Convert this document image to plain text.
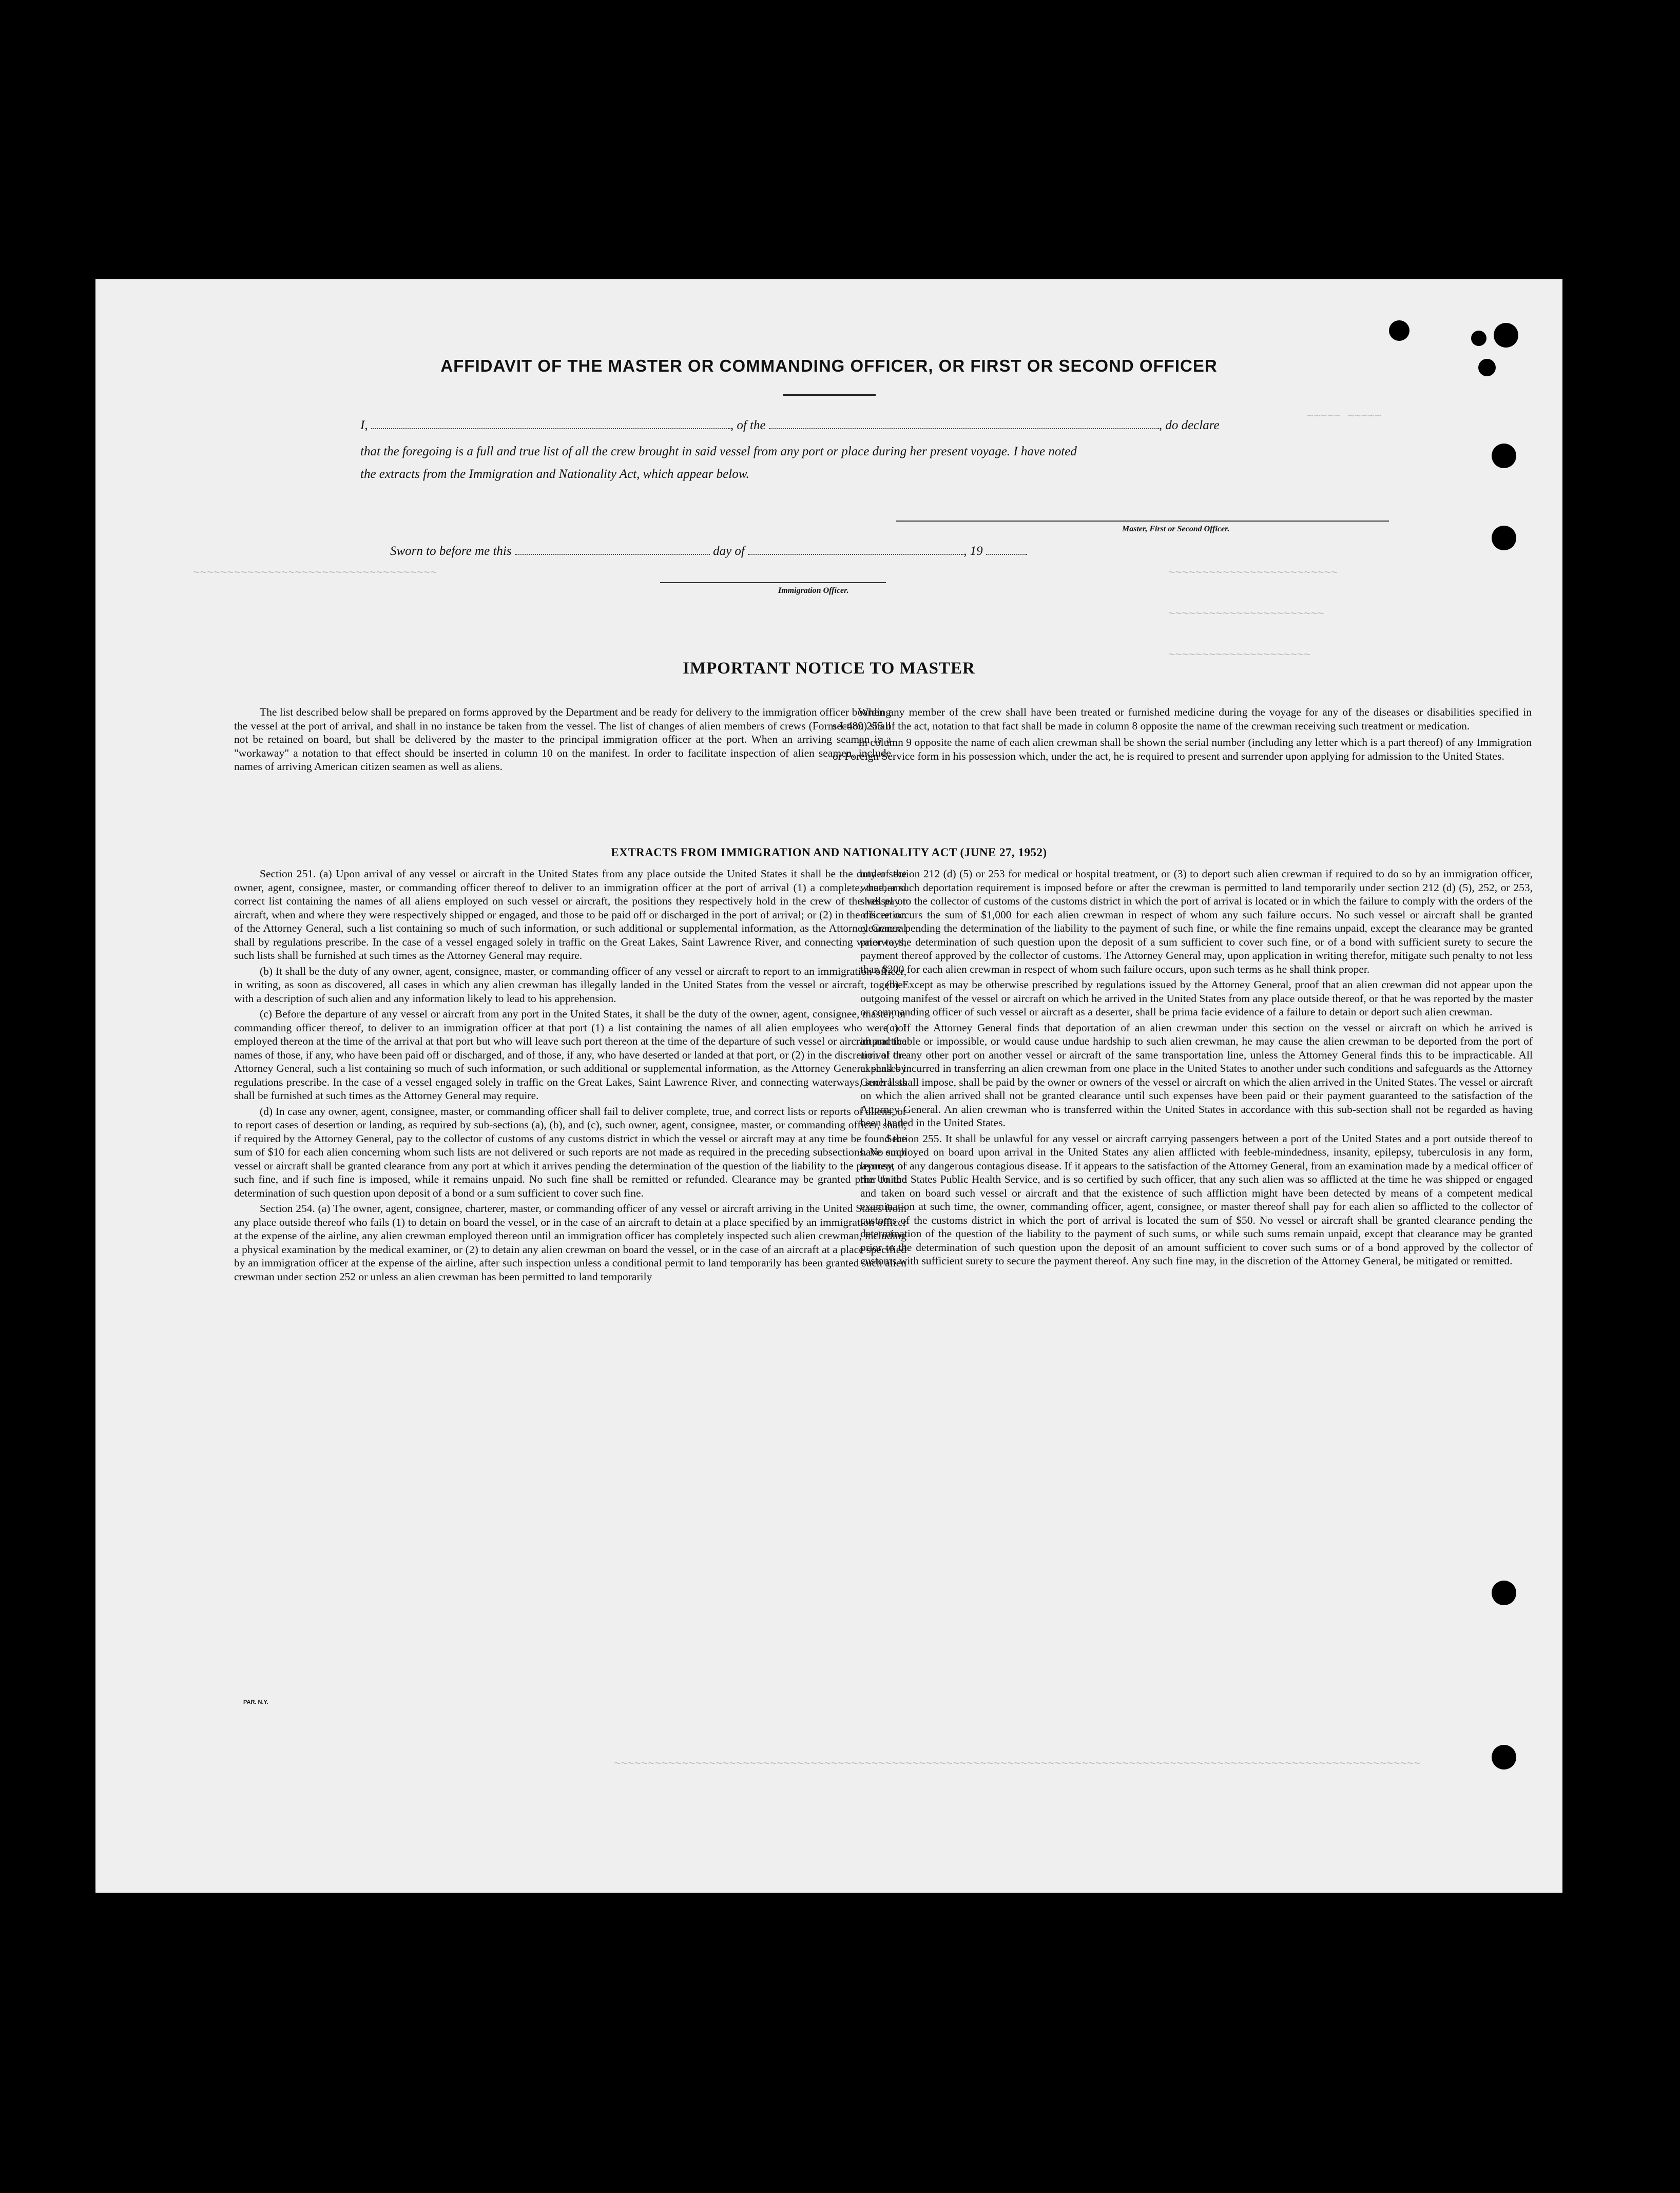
~~~~~ ~~~~~
~~~~~~~~~~~~~~~~~~~~~~~~~~~~~~~~~~~~	~~~~~~~~~~~~~~~~~~~~~~~~~
~~~~~~~~~~~~~~~~~~~~~~~
~~~~~~~~~~~~~~~~~~~~~
~~~~~~~~~~~~~~~~~~~~~~~~~~~~~~~~~~~~~~~~~~~~~~~~~~~~~~~~~~~~~~~~~~~~~~~~~~~~~~~~~~~~~~~~~~~~~~~~~~~~~~~~~~~~~~~~~~~~~~~
AFFIDAVIT OF THE MASTER OR COMMANDING OFFICER, OR FIRST OR SECOND OFFICER
I,	, of the	, do declare
that the foregoing is a full and true list of all the crew brought in said vessel from any port or place during her present voyage. I have noted
the extracts from the Immigration and Nationality Act, which appear below.
Master, First or Second Officer.
Sworn to before me this	day of	, 19
Immigration Officer.
IMPORTANT NOTICE TO MASTER

The list described below shall be prepared on forms approved by the Department and be ready for delivery to the immigration officer boarding the vessel at the port of arrival, and shall in no instance be taken from the vessel. The list of changes of alien members of crews (Form I-489) shall not be retained on board, but shall be delivered by the master to the principal immigration officer at the port. When an arriving seaman is a "workaway" a notation to that effect should be inserted in column 10 on the manifest. In order to facilitate inspection of alien seamen, include names of arriving American citizen seamen as well as aliens.

When any member of the crew shall have been treated or furnished medicine during the voyage for any of the diseases or disabilities specified in section 255 of the act, notation to that fact shall be made in column 8 opposite the name of the crewman receiving such treatment or medication.

In column 9 opposite the name of each alien crewman shall be shown the serial number (including any letter which is a part thereof) of any Immigration or Foreign Service form in his possession which, under the act, he is required to present and surrender upon applying for admission to the United States.

EXTRACTS FROM IMMIGRATION AND NATIONALITY ACT (JUNE 27, 1952)

Section 251. (a) Upon arrival of any vessel or aircraft in the United States from any place outside the United States it shall be the duty of the owner, agent, consignee, master, or commanding officer thereof to deliver to an immigration officer at the port of arrival (1) a complete, true, and correct list containing the names of all aliens employed on such vessel or aircraft, the positions they respectively hold in the crew of the vessel or aircraft, when and where they were respectively shipped or engaged, and those to be paid off or discharged in the port of arrival; or (2) in the discretion of the Attorney General, such a list containing so much of such information, or such additional or supplemental information, as the Attorney General shall by regulations prescribe. In the case of a vessel engaged solely in traffic on the Great Lakes, Saint Lawrence River, and connecting waterways, such lists shall be furnished at such times as the Attorney General may require.

(b) It shall be the duty of any owner, agent, consignee, master, or commanding officer of any vessel or aircraft to report to an immigration officer, in writing, as soon as discovered, all cases in which any alien crewman has illegally landed in the United States from the vessel or aircraft, together with a description of such alien and any information likely to lead to his apprehension.

(c) Before the departure of any vessel or aircraft from any port in the United States, it shall be the duty of the owner, agent, consignee, master, or commanding officer thereof, to deliver to an immigration officer at that port (1) a list containing the names of all alien employees who were not employed thereon at the time of the arrival at that port but who will leave such port thereon at the time of the departure of such vessel or aircraft and the names of those, if any, who have been paid off or discharged, and of those, if any, who have deserted or landed at that port, or (2) in the discretion of the Attorney General, such a list containing so much of such information, or such additional or supplemental information, as the Attorney General shall by regulations prescribe. In the case of a vessel engaged solely in traffic on the Great Lakes, Saint Lawrence River, and connecting waterways, such lists shall be furnished at such times as the Attorney General may require.

(d) In case any owner, agent, consignee, master, or commanding officer shall fail to deliver complete, true, and correct lists or reports of aliens, or to report cases of desertion or landing, as required by sub-sections (a), (b), and (c), such owner, agent, consignee, master, or commanding officer, shall, if required by the Attorney General, pay to the collector of customs of any customs district in which the vessel or aircraft may at any time be found the sum of $10 for each alien concerning whom such lists are not delivered or such reports are not made as required in the preceding subsections. No such vessel or aircraft shall be granted clearance from any port at which it arrives pending the determination of the question of the liability to the payment of such fine, and if such fine is imposed, while it remains unpaid. No such fine shall be remitted or refunded. Clearance may be granted prior to the determination of such question upon deposit of a bond or a sum sufficient to cover such fine.

Section 254. (a) The owner, agent, consignee, charterer, master, or commanding officer of any vessel or aircraft arriving in the United States from any place outside thereof who fails (1) to detain on board the vessel, or in the case of an aircraft to detain at a place specified by an immigration officer at the expense of the airline, any alien crewman employed thereon until an immigration officer has completely inspected such alien crewman, including a physical examination by the medical examiner, or (2) to detain any alien crewman on board the vessel, or in the case of an aircraft at a place specified by an immigration officer at the expense of the airline, after such inspection unless a conditional permit to land temporarily has been granted such alien crewman under section 252 or unless an alien crewman has been permitted to land temporarily

under section 212 (d) (5) or 253 for medical or hospital treatment, or (3) to deport such alien crewman if required to do so by an immigration officer, whether such deportation requirement is imposed before or after the crewman is permitted to land temporarily under section 212 (d) (5), 252, or 253, shall pay to the collector of customs of the customs district in which the port of arrival is located or in which the failure to comply with the orders of the officer occurs the sum of $1,000 for each alien crewman in respect of whom any such failure occurs. No such vessel or aircraft shall be granted clearance pending the determination of the liability to the payment of such fine, or while the fine remains unpaid, except the clearance may be granted prior to the determination of such question upon the deposit of a sum sufficient to cover such fine, or of a bond with sufficient surety to secure the payment thereof approved by the collector of customs. The Attorney General may, upon application in writing therefor, mitigate such penalty to not less than $200 for each alien crewman in respect of whom such failure occurs, upon such terms as he shall think proper.

(b) Except as may be otherwise prescribed by regulations issued by the Attorney General, proof that an alien crewman did not appear upon the outgoing manifest of the vessel or aircraft on which he arrived in the United States from any place outside thereof, or that he was reported by the master or commanding officer of such vessel or aircraft as a deserter, shall be prima facie evidence of a failure to detain or deport such alien crewman.

(c) If the Attorney General finds that deportation of an alien crewman under this section on the vessel or aircraft on which he arrived is impracticable or impossible, or would cause undue hardship to such alien crewman, he may cause the alien crewman to be deported from the port of arrival or any other port on another vessel or aircraft of the same transportation line, unless the Attorney General finds this to be impracticable. All expenses incurred in transferring an alien crewman from one place in the United States to another under such conditions and safeguards as the Attorney General shall impose, shall be paid by the owner or owners of the vessel or aircraft on which the alien arrived in the United States. The vessel or aircraft on which the alien arrived shall not be granted clearance until such expenses have been paid or their payment guaranteed to the satisfaction of the Attorney General. An alien crewman who is transferred within the United States in accordance with this sub-section shall not be regarded as having been landed in the United States.

Section 255. It shall be unlawful for any vessel or aircraft carrying passengers between a port of the United States and a port outside thereof to have employed on board upon arrival in the United States any alien afflicted with feeble-mindedness, insanity, epilepsy, tuberculosis in any form, leprosy, or any dangerous contagious disease. If it appears to the satisfaction of the Attorney General, from an examination made by a medical officer of the United States Public Health Service, and is so certified by such officer, that any such alien was so afflicted at the time he was shipped or engaged and taken on board such vessel or aircraft and that the existence of such affliction might have been detected by means of a competent medical examination at such time, the owner, commanding officer, agent, consignee, or master thereof shall pay for each alien so afflicted to the collector of customs of the customs district in which the port of arrival is located the sum of $50. No vessel or aircraft shall be granted clearance pending the determination of the question of the liability to the payment of such sums, or while such sums remain unpaid, except that clearance may be granted prior to the determination of such question upon the deposit of an amount sufficient to cover such sums or of a bond approved by the collector of customs with sufficient surety to secure the payment thereof. Any such fine may, in the discretion of the Attorney General, be mitigated or remitted.

PAR. N.Y.
